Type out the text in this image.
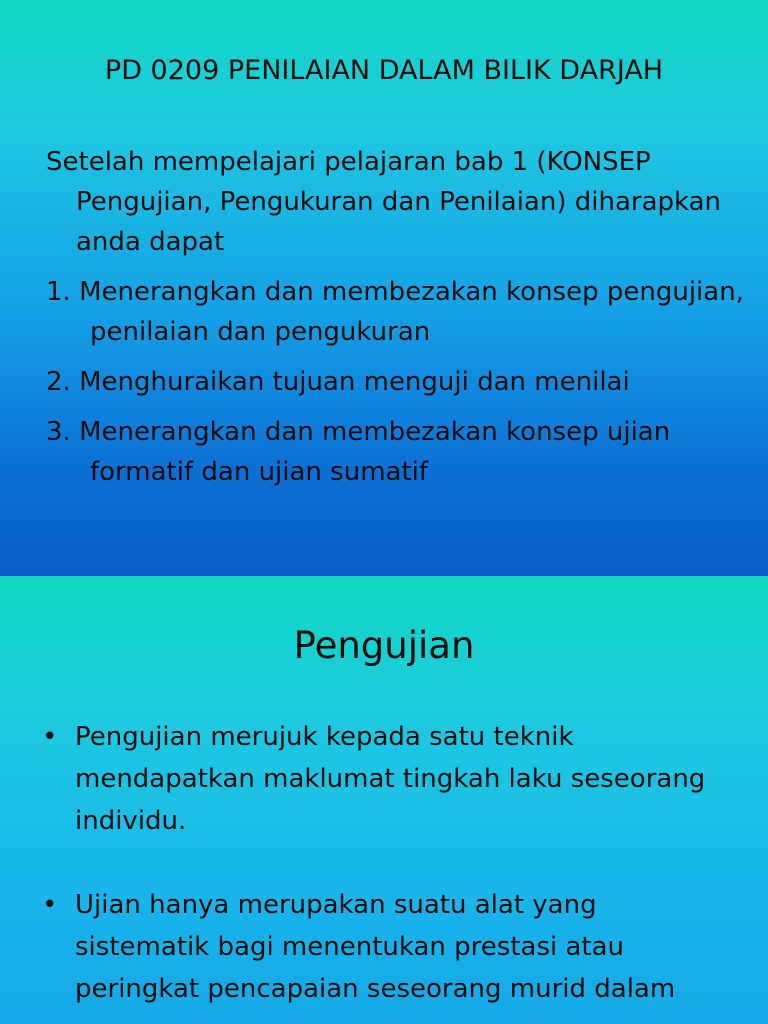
PD 0209 PENILAIAN DALAM BILIK DARJAH

Setelah mempelajari pelajaran bab 1 (KONSEP Pengujian, Pengukuran dan Penilaian) diharapkan anda dapat

1. Menerangkan dan membezakan konsep pengujian, penilaian dan pengukuran

2. Menghuraikan tujuan menguji dan menilai

3. Menerangkan dan membezakan konsep ujian formatif dan ujian sumatif

Pengujian
• Pengujian merujuk kepada satu teknik mendapatkan maklumat tingkah laku seseorang individu.
• Ujian hanya merupakan suatu alat yang sistematik bagi menentukan prestasi atau peringkat pencapaian seseorang murid dalam
